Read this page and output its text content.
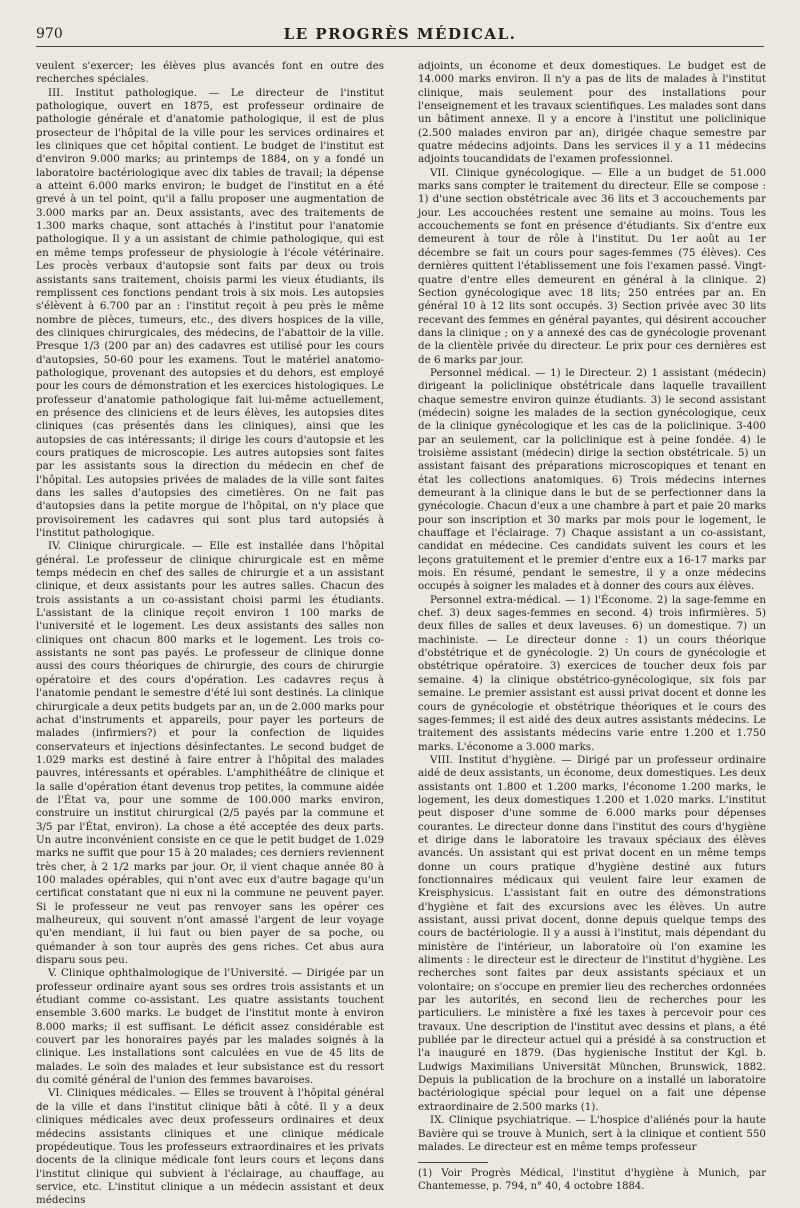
970	LE PROGRÈS MÉDICAL.

veulent s'exercer; les élèves plus avancés font en outre des recherches spéciales.

III. Institut pathologique. — Le directeur de l'institut pathologique, ouvert en 1875, est professeur ordinaire de pathologie générale et d'anatomie pathologique, il est de plus prosecteur de l'hôpital de la ville pour les services ordinaires et les cliniques que cet hôpital contient. Le budget de l'institut est d'environ 9.000 marks; au printemps de 1884, on y a fondé un laboratoire bactériologique avec dix tables de travail; la dépense a atteint 6.000 marks environ; le budget de l'institut en a été grevé à un tel point, qu'il a fallu proposer une augmentation de 3.000 marks par an. Deux assistants, avec des traitements de 1.300 marks chaque, sont attachés à l'institut pour l'anatomie pathologique. Il y a un assistant de chimie pathologique, qui est en même temps professeur de physiologie à l'école vétérinaire. Les procès verbaux d'autopsie sont faits par deux ou trois assistants sans traitement, choisis parmi les vieux étudiants, ils remplissent ces fonctions pendant trois à six mois. Les autopsies s'élèvent à 6.700 par an : l'institut reçoit à peu près le même nombre de pièces, tumeurs, etc., des divers hospices de la ville, des cliniques chirurgicales, des médecins, de l'abattoir de la ville. Presque 1/3 (200 par an) des cadavres est utilisé pour les cours d'autopsies, 50-60 pour les examens. Tout le matériel anatomo-pathologique, provenant des autopsies et du dehors, est employé pour les cours de démonstration et les exercices histologiques. Le professeur d'anatomie pathologique fait lui-même actuellement, en présence des cliniciens et de leurs élèves, les autopsies dites cliniques (cas présentés dans les cliniques), ainsi que les autopsies de cas intéressants; il dirige les cours d'autopsie et les cours pratiques de microscopie. Les autres autopsies sont faites par les assistants sous la direction du médecin en chef de l'hôpital. Les autopsies privées de malades de la ville sont faites dans les salles d'autopsies des cimetières. On ne fait pas d'autopsies dans la petite morgue de l'hôpital, on n'y place que provisoirement les cadavres qui sont plus tard autopsiés à l'institut pathologique.

IV. Clinique chirurgicale. — Elle est installée dans l'hôpital général. Le professeur de clinique chirurgicale est en même temps médecin en chef des salles de chirurgie et a un assistant clinique, et deux assistants pour les autres salles. Chacun des trois assistants a un co-assistant choisi parmi les étudiants. L'assistant de la clinique reçoit environ 1 100 marks de l'université et le logement. Les deux assistants des salles non cliniques ont chacun 800 marks et le logement. Les trois co-assistants ne sont pas payés. Le professeur de clinique donne aussi des cours théoriques de chirurgie, des cours de chirurgie opératoire et des cours d'opération. Les cadavres reçus à l'anatomie pendant le semestre d'été lui sont destinés. La clinique chirurgicale a deux petits budgets par an, un de 2.000 marks pour achat d'instruments et appareils, pour payer les porteurs de malades (infirmiers?) et pour la confection de liquides conservateurs et injections désinfectantes. Le second budget de 1.029 marks est destiné à faire entrer à l'hôpital des malades pauvres, intéressants et opérables. L'amphithéâtre de clinique et la salle d'opération étant devenus trop petites, la commune aidée de l'État va, pour une somme de 100.000 marks environ, construire un institut chirurgical (2/5 payés par la commune et 3/5 par l'État, environ). La chose a été acceptée des deux parts. Un autre inconvénient consiste en ce que le petit budget de 1.029 marks ne suffit que pour 15 à 20 malades; ces derniers reviennent très cher, à 2 1/2 marks par jour. Or, il vient chaque année 80 à 100 malades opérables, qui n'ont avec eux d'autre bagage qu'un certificat constatant que ni eux ni la commune ne peuvent payer. Si le professeur ne veut pas renvoyer sans les opérer ces malheureux, qui souvent n'ont amassé l'argent de leur voyage qu'en mendiant, il lui faut ou bien payer de sa poche, ou quémander à son tour auprès des gens riches. Cet abus aura disparu sous peu.

V. Clinique ophthalmologique de l'Université. — Dirigée par un professeur ordinaire ayant sous ses ordres trois assistants et un étudiant comme co-assistant. Les quatre assistants touchent ensemble 3.600 marks. Le budget de l'institut monte à environ 8.000 marks; il est suffisant. Le déficit assez considérable est couvert par les honoraires payés par les malades soignés à la clinique. Les installations sont calculées en vue de 45 lits de malades. Le soin des malades et leur subsistance est du ressort du comité général de l'union des femmes bavaroises.

VI. Cliniques médicales. — Elles se trouvent à l'hôpital général de la ville et dans l'institut clinique bâti à côté. Il y a deux cliniques médicales avec deux professeurs ordinaires et deux médecins assistants cliniques et une clinique médicale propédeutique. Tous les professeurs extraordinaires et les privats docents de la clinique médicale font leurs cours et leçons dans l'institut clinique qui subvient à l'éclairage, au chauffage, au service, etc. L'institut clinique a un médecin assistant et deux médecins

adjoints, un économe et deux domestiques. Le budget est de 14.000 marks environ. Il n'y a pas de lits de malades à l'institut clinique, mais seulement pour des installations pour l'enseignement et les travaux scientifiques. Les malades sont dans un bâtiment annexe. Il y a encore à l'institut une policlinique (2.500 malades environ par an), dirigée chaque semestre par quatre médecins adjoints. Dans les services il y a 11 médecins adjoints toucandidats de l'examen professionnel.

VII. Clinique gynécologique. — Elle a un budget de 51.000 marks sans compter le traitement du directeur. Elle se compose : 1) d'une section obstétricale avec 36 lits et 3 accouchements par jour. Les accouchées restent une semaine au moins. Tous les accouchements se font en présence d'étudiants. Six d'entre eux demeurent à tour de rôle à l'institut. Du 1er août au 1er décembre se fait un cours pour sages-femmes (75 élèves). Ces dernières quittent l'établissement une fois l'examen passé. Vingt-quatre d'entre elles demeurent en général à la clinique. 2) Section gynécologique avec 18 lits; 250 entrées par an. En général 10 à 12 lits sont occupés. 3) Section privée avec 30 lits recevant des femmes en général payantes, qui désirent accoucher dans la clinique ; on y a annexé des cas de gynécologie provenant de la clientèle privée du directeur. Le prix pour ces dernières est de 6 marks par jour.

Personnel médical. — 1) le Directeur. 2) 1 assistant (médecin) dirigeant la policlinique obstétricale dans laquelle travaillent chaque semestre environ quinze étudiants. 3) le second assistant (médecin) soigne les malades de la section gynécologique, ceux de la clinique gynécologique et les cas de la policlinique. 3-400 par an seulement, car la policlinique est à peine fondée. 4) le troisième assistant (médecin) dirige la section obstétricale. 5) un assistant faisant des préparations microscopiques et tenant en état les collections anatomiques. 6) Trois médecins internes demeurant à la clinique dans le but de se perfectionner dans la gynécologie. Chacun d'eux a une chambre à part et paie 20 marks pour son inscription et 30 marks par mois pour le logement, le chauffage et l'éclairage. 7) Chaque assistant a un co-assistant, candidat en médecine. Ces candidats suivent les cours et les leçons gratuitement et le premier d'entre eux a 16-17 marks par mois. En résumé, pendant le semestre, il y a onze médecins occupés à soigner les malades et à donner des cours aux élèves.

Personnel extra-médical. — 1) l'Économe. 2) la sage-femme en chef. 3) deux sages-femmes en second. 4) trois infirmières. 5) deux filles de salles et deux laveuses. 6) un domestique. 7) un machiniste. — Le directeur donne : 1) un cours théorique d'obstétrique et de gynécologie. 2) Un cours de gynécologie et obstétrique opératoire. 3) exercices de toucher deux fois par semaine. 4) la clinique obstétrico-gynécologique, six fois par semaine. Le premier assistant est aussi privat docent et donne les cours de gynécologie et obstétrique théoriques et le cours des sages-femmes; il est aidé des deux autres assistants médecins. Le traitement des assistants médecins varie entre 1.200 et 1.750 marks. L'économe a 3.000 marks.

VIII. Institut d'hygiène. — Dirigé par un professeur ordinaire aidé de deux assistants, un économe, deux domestiques. Les deux assistants ont 1.800 et 1.200 marks, l'économe 1.200 marks, le logement, les deux domestiques 1.200 et 1.020 marks. L'institut peut disposer d'une somme de 6.000 marks pour dépenses courantes. Le directeur donne dans l'institut des cours d'hygiène et dirige dans le laboratoire les travaux spéciaux des élèves avancés. Un assistant qui est privat docent en un même temps donne un cours pratique d'hygiène destiné aux futurs fonctionnaires médicaux qui veulent faire leur examen de Kreisphysicus. L'assistant fait en outre des démonstrations d'hygiène et fait des excursions avec les élèves. Un autre assistant, aussi privat docent, donne depuis quelque temps des cours de bactériologie. Il y a aussi à l'institut, mais dépendant du ministère de l'intérieur, un laboratoire où l'on examine les aliments : le directeur est le directeur de l'institut d'hygiène. Les recherches sont faites par deux assistants spéciaux et un volontaire; on s'occupe en premier lieu des recherches ordonnées par les autorités, en second lieu de recherches pour les particuliers. Le ministère a fixé les taxes à percevoir pour ces travaux. Une description de l'institut avec dessins et plans, a été publiée par le directeur actuel qui a présidé à sa construction et l'a inauguré en 1879. (Das hygienische Institut der Kgl. b. Ludwigs Maximilians Universität München, Brunswick, 1882. Depuis la publication de la brochure on a installé un laboratoire bactériologique spécial pour lequel on a fait une dépense extraordinaire de 2.500 marks (1).

IX. Clinique psychiatrique. — L'hospice d'aliénés pour la haute Bavière qui se trouve à Munich, sert à la clinique et contient 550 malades. Le directeur est en même temps professeur

(1) Voir Progrès Médical, l'institut d'hygiène à Munich, par Chantemesse, p. 794, n° 40, 4 octobre 1884.
